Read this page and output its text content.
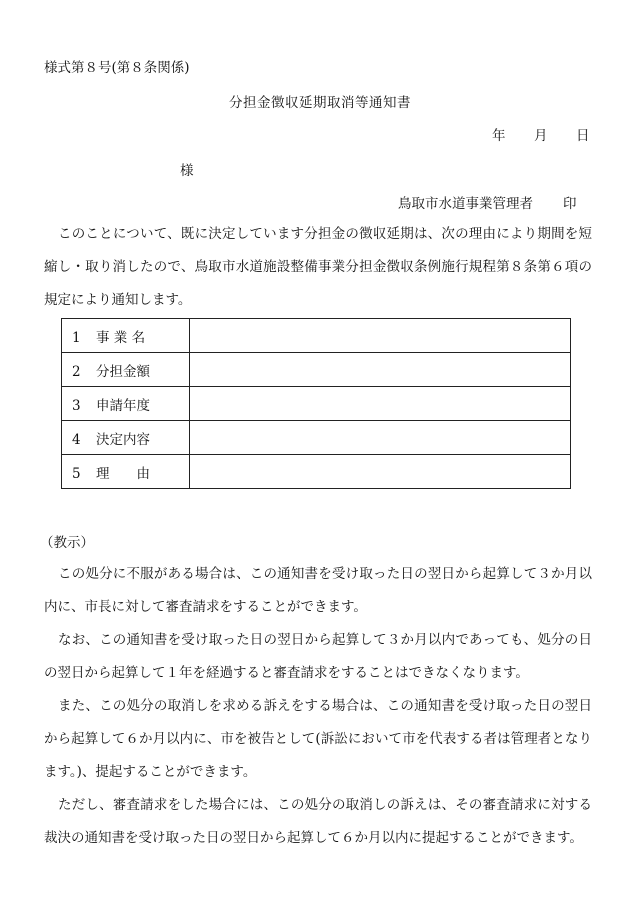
様式第８号(第８条関係)
分担金徴収延期取消等通知書
年	月	日
様
鳥取市水道事業管理者 印
このことについて、既に決定しています分担金の徴収延期は、次の理由により期間を短縮し・取り消したので、鳥取市水道施設整備事業分担金徴収条例施行規程第８条第６項の規定により通知します。
1 事 業 名	
2 分担金額	
3 申請年度	
4 決定内容	
5 理　　由	
（教示）

この処分に不服がある場合は、この通知書を受け取った日の翌日から起算して３か月以内に、市長に対して審査請求をすることができます。

なお、この通知書を受け取った日の翌日から起算して３か月以内であっても、処分の日の翌日から起算して１年を経過すると審査請求をすることはできなくなります。

また、この処分の取消しを求める訴えをする場合は、この通知書を受け取った日の翌日から起算して６か月以内に、市を被告として(訴訟において市を代表する者は管理者となります。)、提起することができます。

ただし、審査請求をした場合には、この処分の取消しの訴えは、その審査請求に対する裁決の通知書を受け取った日の翌日から起算して６か月以内に提起することができます。
